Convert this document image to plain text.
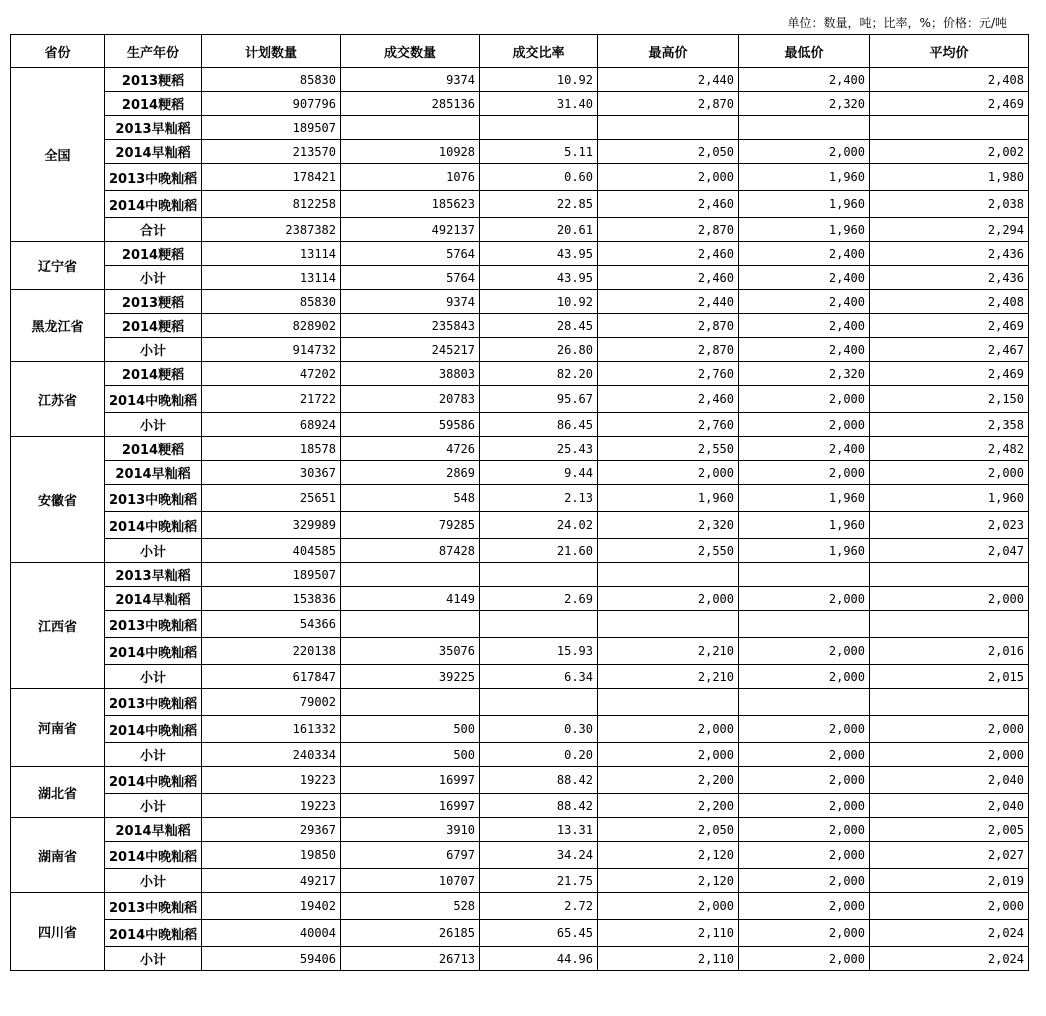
单位：数量，吨；比率，%；价格：元/吨
省份	生产年份	计划数量	成交数量	成交比率	最高价	最低价	平均价
全国	2013粳稻	85830	9374	10.92	2,440	2,400	2,408
	2014粳稻	907796	285136	31.40	2,870	2,320	2,469
	2013早籼稻	189507					
	2014早籼稻	213570	10928	5.11	2,050	2,000	2,002
	2013中晚籼稻	178421	1076	0.60	2,000	1,960	1,980
	2014中晚籼稻	812258	185623	22.85	2,460	1,960	2,038
	合计	2387382	492137	20.61	2,870	1,960	2,294
辽宁省	2014粳稻	13114	5764	43.95	2,460	2,400	2,436
	小计	13114	5764	43.95	2,460	2,400	2,436
黑龙江省	2013粳稻	85830	9374	10.92	2,440	2,400	2,408
	2014粳稻	828902	235843	28.45	2,870	2,400	2,469
	小计	914732	245217	26.80	2,870	2,400	2,467
江苏省	2014粳稻	47202	38803	82.20	2,760	2,320	2,469
	2014中晚籼稻	21722	20783	95.67	2,460	2,000	2,150
	小计	68924	59586	86.45	2,760	2,000	2,358
安徽省	2014粳稻	18578	4726	25.43	2,550	2,400	2,482
	2014早籼稻	30367	2869	9.44	2,000	2,000	2,000
	2013中晚籼稻	25651	548	2.13	1,960	1,960	1,960
	2014中晚籼稻	329989	79285	24.02	2,320	1,960	2,023
	小计	404585	87428	21.60	2,550	1,960	2,047
江西省	2013早籼稻	189507					
	2014早籼稻	153836	4149	2.69	2,000	2,000	2,000
	2013中晚籼稻	54366					
	2014中晚籼稻	220138	35076	15.93	2,210	2,000	2,016
	小计	617847	39225	6.34	2,210	2,000	2,015
河南省	2013中晚籼稻	79002					
	2014中晚籼稻	161332	500	0.30	2,000	2,000	2,000
	小计	240334	500	0.20	2,000	2,000	2,000
湖北省	2014中晚籼稻	19223	16997	88.42	2,200	2,000	2,040
	小计	19223	16997	88.42	2,200	2,000	2,040
湖南省	2014早籼稻	29367	3910	13.31	2,050	2,000	2,005
	2014中晚籼稻	19850	6797	34.24	2,120	2,000	2,027
	小计	49217	10707	21.75	2,120	2,000	2,019
四川省	2013中晚籼稻	19402	528	2.72	2,000	2,000	2,000
	2014中晚籼稻	40004	26185	65.45	2,110	2,000	2,024
	小计	59406	26713	44.96	2,110	2,000	2,024
